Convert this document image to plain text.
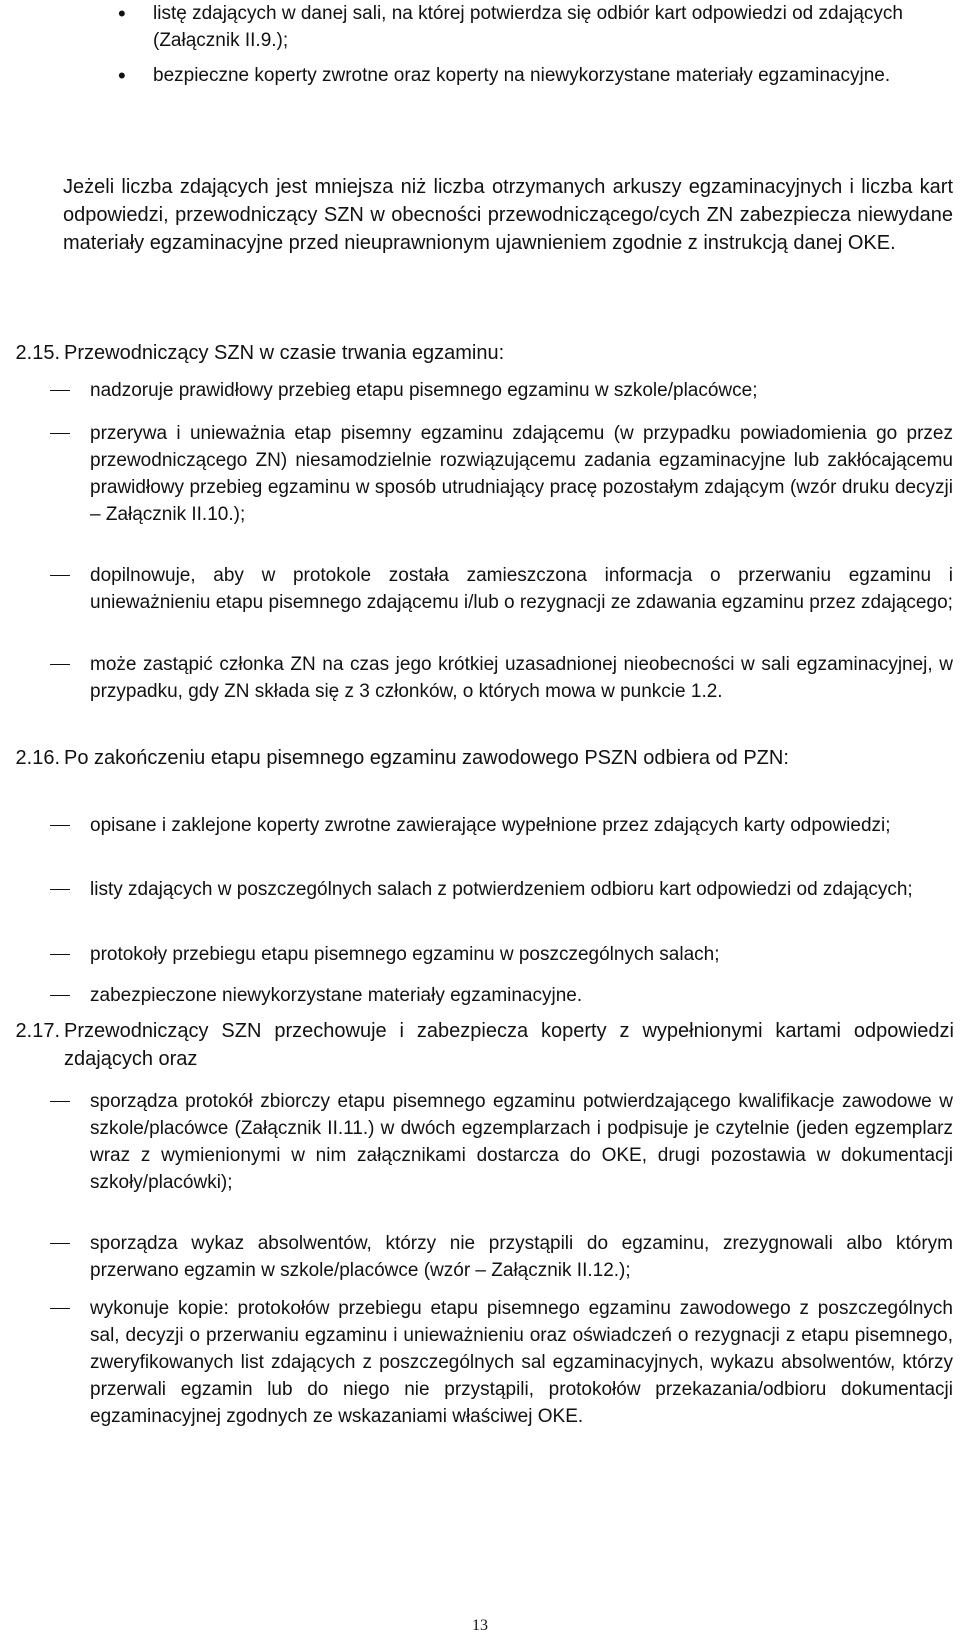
• listę zdających w danej sali, na której potwierdza się odbiór kart odpowiedzi od zdających (Załącznik II.9.);
• bezpieczne koperty zwrotne oraz koperty na niewykorzystane materiały egzaminacyjne.
Jeżeli liczba zdających jest mniejsza niż liczba otrzymanych arkuszy egzaminacyjnych i liczba kart odpowiedzi, przewodniczący SZN w obecności przewodniczącego/cych ZN zabezpiecza niewydane materiały egzaminacyjne przed nieuprawnionym ujawnieniem zgodnie z instrukcją danej OKE.
2.15. Przewodniczący SZN w czasie trwania egzaminu:
nadzoruje prawidłowy przebieg etapu pisemnego egzaminu w szkole/placówce;
przerywa i unieważnia etap pisemny egzaminu zdającemu (w przypadku powiadomienia go przez przewodniczącego ZN) niesamodzielnie rozwiązującemu zadania egzaminacyjne lub zakłócającemu prawidłowy przebieg egzaminu w sposób utrudniający pracę pozostałym zdającym (wzór druku decyzji – Załącznik II.10.);
dopilnowuje, aby w protokole została zamieszczona informacja o przerwaniu egzaminu i unieważnieniu etapu pisemnego zdającemu i/lub o rezygnacji ze zdawania egzaminu przez zdającego;
może zastąpić członka ZN na czas jego krótkiej uzasadnionej nieobecności w sali egzaminacyjnej, w przypadku, gdy ZN składa się z 3 członków, o których mowa w punkcie 1.2.
2.16. Po zakończeniu etapu pisemnego egzaminu zawodowego PSZN odbiera od PZN:
opisane i zaklejone koperty zwrotne zawierające wypełnione przez zdających karty odpowiedzi;
listy zdających w poszczególnych salach z potwierdzeniem odbioru kart odpowiedzi od zdających;
protokoły przebiegu etapu pisemnego egzaminu w poszczególnych salach;
zabezpieczone niewykorzystane materiały egzaminacyjne.
2.17. Przewodniczący SZN przechowuje i zabezpiecza koperty z wypełnionymi kartami odpowiedzi zdających oraz
sporządza protokół zbiorczy etapu pisemnego egzaminu potwierdzającego kwalifikacje zawodowe w szkole/placówce (Załącznik II.11.) w dwóch egzemplarzach i podpisuje je czytelnie (jeden egzemplarz wraz z wymienionymi w nim załącznikami dostarcza do OKE, drugi pozostawia w dokumentacji szkoły/placówki);
sporządza wykaz absolwentów, którzy nie przystąpili do egzaminu, zrezygnowali albo którym przerwano egzamin w szkole/placówce (wzór – Załącznik II.12.);
wykonuje kopie: protokołów przebiegu etapu pisemnego egzaminu zawodowego z poszczególnych sal, decyzji o przerwaniu egzaminu i unieważnieniu oraz oświadczeń o rezygnacji z etapu pisemnego, zweryfikowanych list zdających z poszczególnych sal egzaminacyjnych, wykazu absolwentów, którzy przerwali egzamin lub do niego nie przystąpili, protokołów przekazania/odbioru dokumentacji egzaminacyjnej zgodnych ze wskazaniami właściwej OKE.
13
